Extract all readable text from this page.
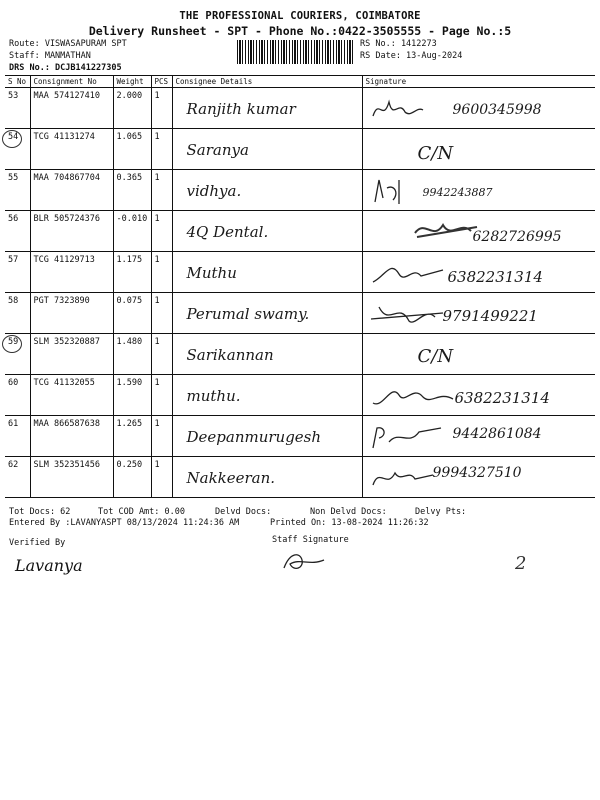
THE PROFESSIONAL COURIERS, COIMBATORE
Delivery Runsheet - SPT - Phone No.:0422-3505555 - Page No.:5
Route: VISWASAPURAM SPT
Staff: MANMATHAN
DRS No.: DCJB141227305
RS No.: 1412273
RS Date: 13-Aug-2024
S No	Consignment No	Weight	PCS	Consignee Details	Signature
53	MAA 574127410	2.000	1	Ranjith kumar	9600345998

54	TCG 41131274	1.065	1	Saranya	C/N

55	MAA 704867704	0.365	1	vidhya.	9942243887

56	BLR 505724376	-0.010	1	4Q Dental.	6282726995

57	TCG 41129713	1.175	1	Muthu	6382231314

58	PGT 7323890	0.075	1	Perumal swamy.	9791499221

59	SLM 352320887	1.480	1	Sarikannan	C/N

60	TCG 41132055	1.590	1	muthu.	6382231314

61	MAA 866587638	1.265	1	Deepanmurugesh	9442861084

62	SLM 352351456	0.250	1	Nakkeeran.	9994327510
Tot Docs: 62	Tot COD Amt: 0.00	Delvd Docs:	Non Delvd Docs:	Delvy Pts:
Entered By :LAVANYASPT 08/13/2024 11:24:36 AM	Printed On: 13-08-2024 11:26:32
Verified By
Lavanya
Staff Signature
2
